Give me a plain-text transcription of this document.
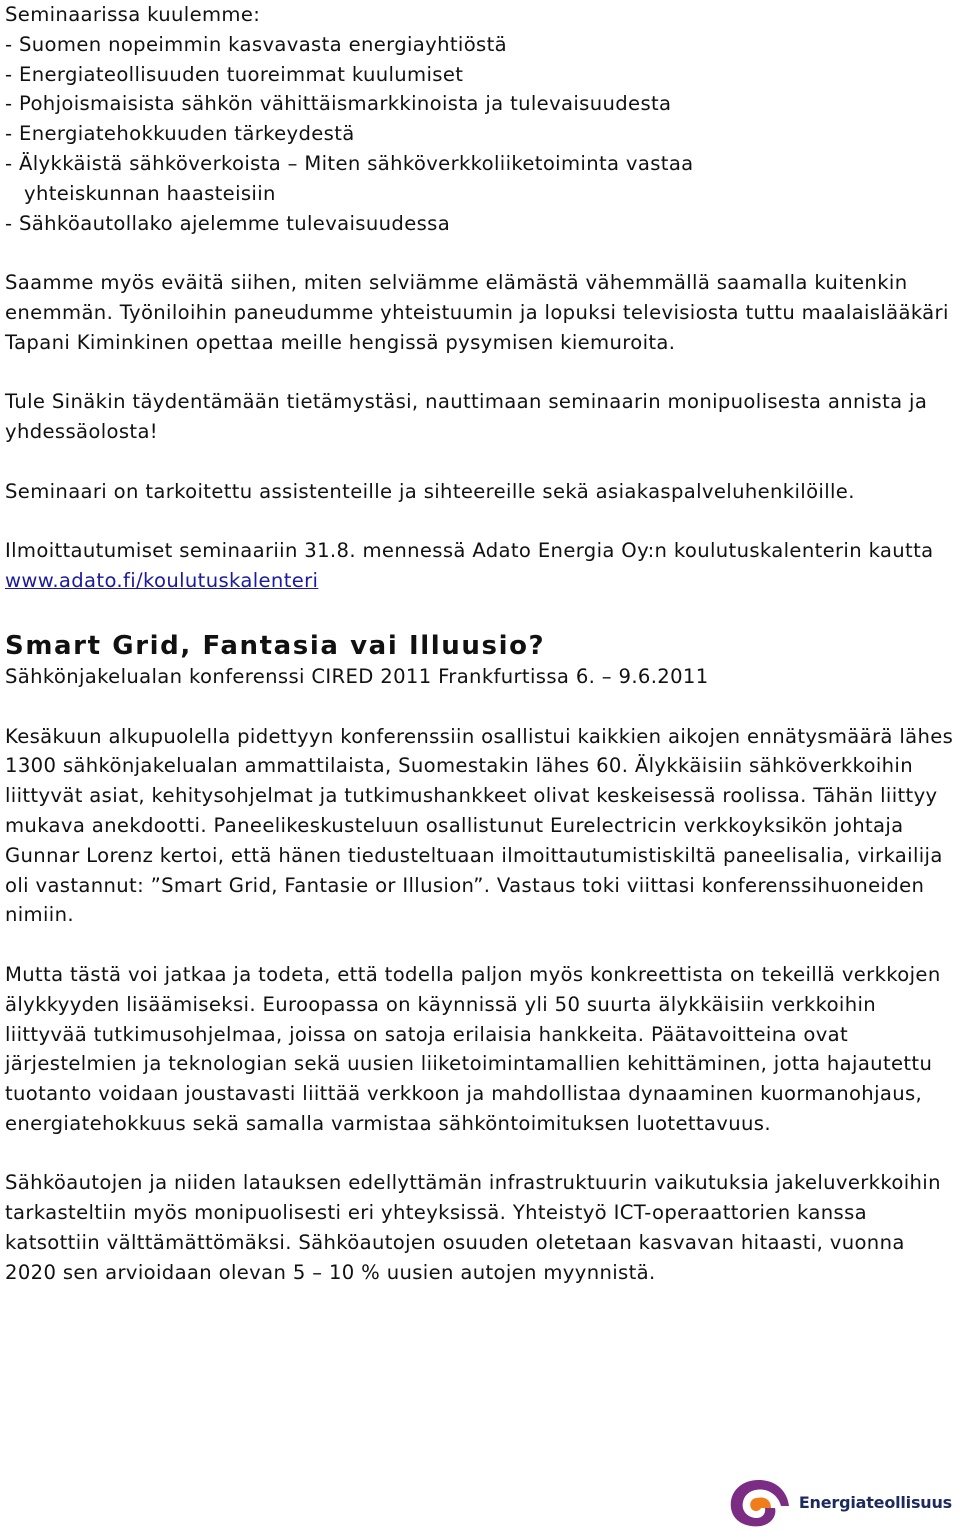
Seminaarissa kuulemme:

- Suomen nopeimmin kasvavasta energiayhtiöstä

- Energiateollisuuden tuoreimmat kuulumiset

- Pohjoismaisista sähkön vähittäismarkkinoista ja tulevaisuudesta

- Energiatehokkuuden tärkeydestä

- Älykkäistä sähköverkoista – Miten sähköverkkoliiketoiminta vastaa

yhteiskunnan haasteisiin

- Sähköautollako ajelemme tulevaisuudessa

Saamme myös eväitä siihen, miten selviämme elämästä vähemmällä saamalla kuitenkin enemmän. Työniloihin paneudumme yhteistuumin ja lopuksi televisiosta tuttu maalaislääkäri Tapani Kiminkinen opettaa meille hengissä pysymisen kiemuroita.

Tule Sinäkin täydentämään tietämystäsi, nauttimaan seminaarin monipuolisesta annista ja yhdessäolosta!

Seminaari on tarkoitettu assistenteille ja sihteereille sekä asiakaspalveluhenkilöille.

Ilmoittautumiset seminaariin 31.8. mennessä Adato Energia Oy:n koulutuskalenterin kautta www.adato.fi/koulutuskalenteri

Smart Grid, Fantasia vai Illuusio?

Sähkönjakelualan konferenssi CIRED 2011 Frankfurtissa 6. – 9.6.2011

Kesäkuun alkupuolella pidettyyn konferenssiin osallistui kaikkien aikojen ennätysmäärä lähes 1300 sähkönjakelualan ammattilaista, Suomestakin lähes 60. Älykkäisiin sähköverkkoihin liittyvät asiat, kehitysohjelmat ja tutkimushankkeet olivat keskeisessä roolissa. Tähän liittyy mukava anekdootti. Paneelikeskusteluun osallistunut Eurelectricin verkkoyksikön johtaja Gunnar Lorenz kertoi, että hänen tiedusteltuaan ilmoittautumistiskiltä paneelisalia, virkailija oli vastannut: ”Smart Grid, Fantasie or Illusion”. Vastaus toki viittasi konferenssihuoneiden nimiin.

Mutta tästä voi jatkaa ja todeta, että todella paljon myös konkreettista on tekeillä verkkojen älykkyyden lisäämiseksi. Euroopassa on käynnissä yli 50 suurta älykkäisiin verkkoihin liittyvää tutkimusohjelmaa, joissa on satoja erilaisia hankkeita. Päätavoitteina ovat järjestelmien ja teknologian sekä uusien liiketoimintamallien kehittäminen, jotta hajautettu tuotanto voidaan joustavasti liittää verkkoon ja mahdollistaa dynaaminen kuormanohjaus, energiatehokkuus sekä samalla varmistaa sähköntoimituksen luotettavuus.

Sähköautojen ja niiden latauksen edellyttämän infrastruktuurin vaikutuksia jakeluverkkoihin tarkasteltiin myös monipuolisesti eri yhteyksissä. Yhteistyö ICT-operaattorien kanssa katsottiin välttämättömäksi. Sähköautojen osuuden oletetaan kasvavan hitaasti, vuonna 2020 sen arvioidaan olevan 5 – 10 % uusien autojen myynnistä.

Energiateollisuus
